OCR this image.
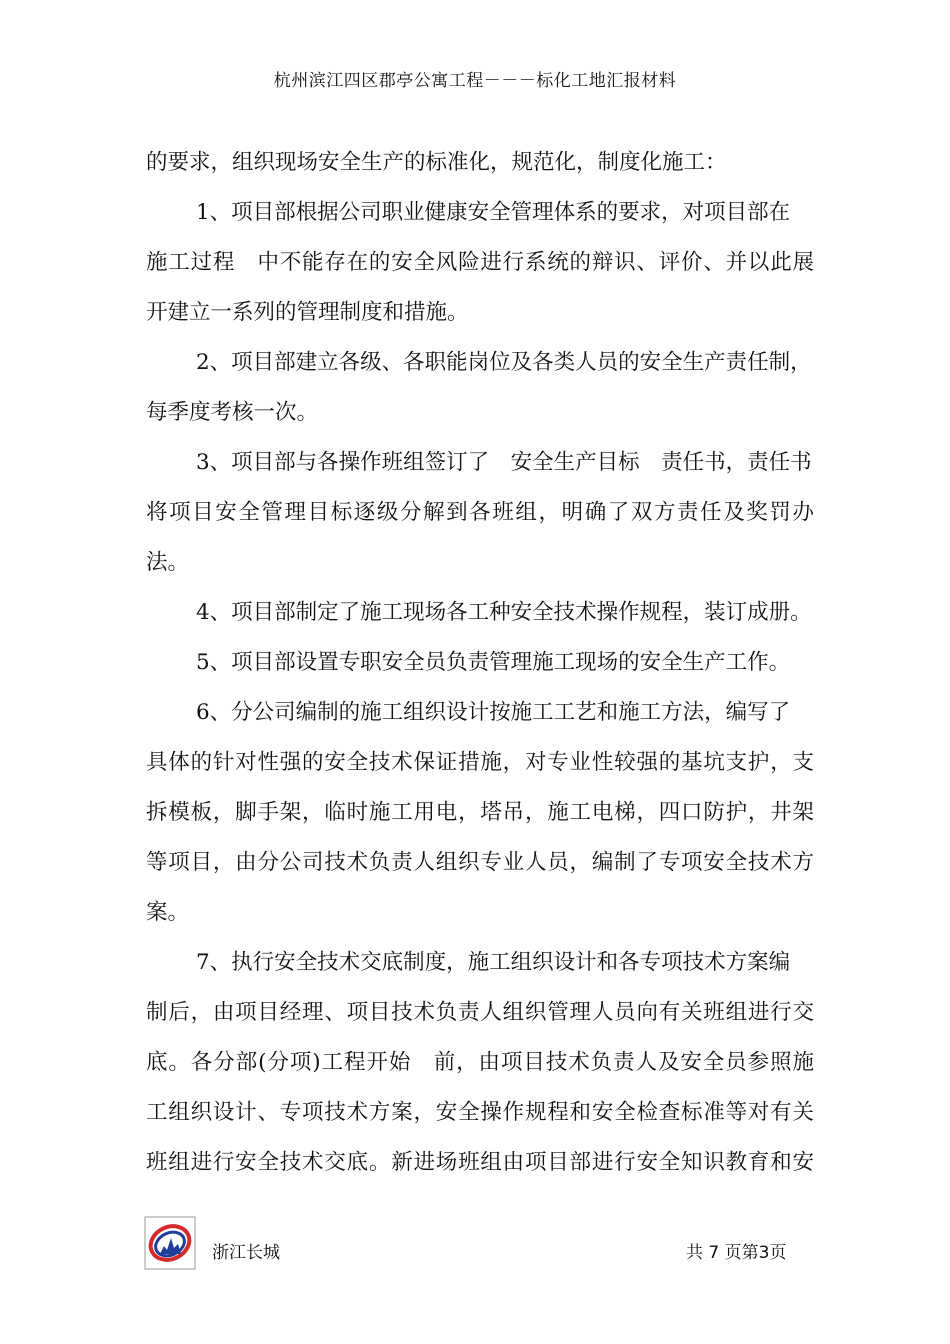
杭州滨江四区郡亭公寓工程－－－标化工地汇报材料
的要求，组织现场安全生产的标准化，规范化，制度化施工：
1、项目部根据公司职业健康安全管理体系的要求，对项目部在
施工过程　中不能存在的安全风险进行系统的辩识、评价、并以此展
开建立一系列的管理制度和措施。
2、项目部建立各级、各职能岗位及各类人员的安全生产责任制，
每季度考核一次。
3、项目部与各操作班组签订了　安全生产目标　责任书，责任书
将项目安全管理目标逐级分解到各班组，明确了双方责任及奖罚办
法。
4、项目部制定了施工现场各工种安全技术操作规程，装订成册。
5、项目部设置专职安全员负责管理施工现场的安全生产工作。
6、分公司编制的施工组织设计按施工工艺和施工方法，编写了
具体的针对性强的安全技术保证措施，对专业性较强的基坑支护，支
拆模板，脚手架，临时施工用电，塔吊，施工电梯，四口防护，井架
等项目，由分公司技术负责人组织专业人员，编制了专项安全技术方
案。
7、执行安全技术交底制度，施工组织设计和各专项技术方案编
制后，由项目经理、项目技术负责人组织管理人员向有关班组进行交
底。各分部(分项)工程开始　前，由项目技术负责人及安全员参照施
工组织设计、专项技术方案，安全操作规程和安全检查标准等对有关
班组进行安全技术交底。新进场班组由项目部进行安全知识教育和安
浙江长城	共 7 页第3页
